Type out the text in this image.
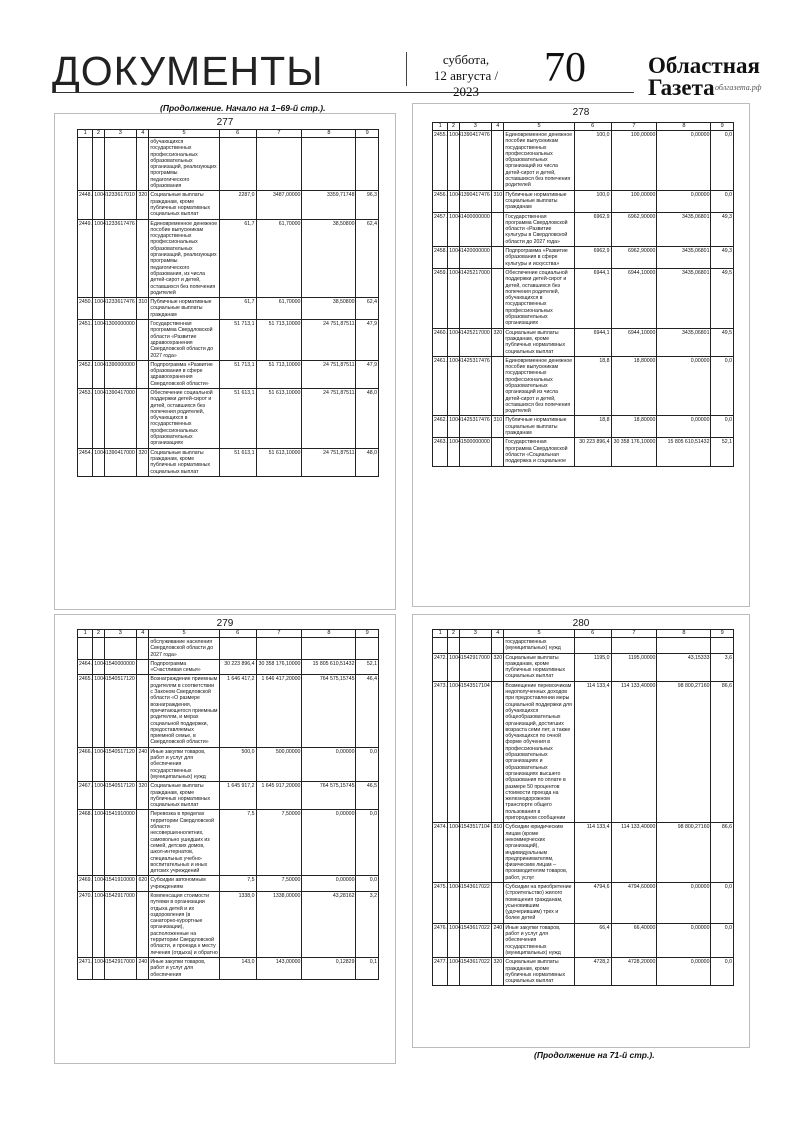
ДОКУМЕНТЫ	суббота,
12 августа / 2023
70	Областная
Газета облгазета.рф
(Продолжение. Начало на 1–69-й стр.).
277
1	2	3	4	5	6	7	8	9
				обучающихся государственных профессиональных образовательных организаций, реализующих программы педагогического образования				
2448.	1004	1233617010	320	Социальные выплаты гражданам, кроме публичных нормативных социальных выплат	2287,0	3487,00000	3359,71748	96,3
2449.	1004	1233617476		Единовременное денежное пособие выпускникам государственных профессиональных образовательных организаций, реализующих программы педагогического образования, из числа детей-сирот и детей, оставшихся без попечения родителей	61,7	61,70000	38,50800	62,4
2450.	1004	1233617476	310	Публичные нормативные социальные выплаты гражданам	61,7	61,70000	38,50800	62,4
2451.	1004	1300000000		Государственная программа Свердловской области «Развитие здравоохранения Свердловской области до 2027 года»	51 713,1	51 713,10000	24 751,87511	47,9
2452.	1004	1390000000		Подпрограмма «Развитие образования в сфере здравоохранения Свердловской области»	51 713,1	51 713,10000	24 751,87511	47,9
2453.	1004	1390417000		Обеспечение социальной поддержки детей-сирот и детей, оставшихся без попечения родителей, обучающихся в государственных профессиональных образовательных организациях	51 613,1	51 613,10000	24 751,87511	48,0
2454.	1004	1390417000	320	Социальные выплаты гражданам, кроме публичных нормативных социальных выплат	51 613,1	51 613,10000	24 751,87511	48,0
278
1	2	3	4	5	6	7	8	9
2455.	1004	1390417476		Единовременное денежное пособие выпускникам государственных профессиональных образовательных организаций из числа детей-сирот и детей, оставшихся без попечения родителей	100,0	100,00000	0,00000	0,0
2456.	1004	1390417476	310	Публичные нормативные социальные выплаты гражданам	100,0	100,00000	0,00000	0,0
2457.	1004	1400000000		Государственная программа Свердловской области «Развитие культуры в Свердловской области до 2027 года»	6962,9	6962,90000	3435,06801	49,3
2458.	1004	1420000000		Подпрограмма «Развитие образования в сфере культуры и искусства»	6962,9	6962,90000	3435,06801	49,3
2459.	1004	1425217000		Обеспечение социальной поддержки детей-сирот и детей, оставшихся без попечения родителей, обучающихся в государственных профессиональных образовательных организациях	6944,1	6944,10000	3435,06801	49,5
2460.	1004	1425217000	320	Социальные выплаты гражданам, кроме публичных нормативных социальных выплат	6944,1	6944,10000	3435,06801	49,5
2461.	1004	1425317476		Единовременное денежное пособие выпускникам государственных профессиональных образовательных организаций из числа детей-сирот и детей, оставшихся без попечения родителей	18,8	18,80000	0,00000	0,0
2462.	1004	1425317476	310	Публичные нормативные социальные выплаты гражданам	18,8	18,80000	0,00000	0,0
2463.	1004	1500000000		Государственная программа Свердловской области «Социальная поддержка и социальное	30 223 896,4	30 358 176,10000	15 805 610,51432	52,1
279
1	2	3	4	5	6	7	8	9
				обслуживание населения Свердловской области до 2027 года»				
2464.	1004	1540000000		Подпрограмма «Счастливая семья»	30 223 896,4	30 358 176,10000	15 805 610,51432	52,1
2465.	1004	1540517120		Вознаграждение приемным родителям в соответствии с Законом Свердловской области «О размере вознаграждения, причитающегося приемным родителям, и мерах социальной поддержки, предоставляемых приемной семье, в Свердловской области»	1 646 417,2	1 646 417,20000	764 575,15745	46,4
2466.	1004	1540517120	240	Иные закупки товаров, работ и услуг для обеспечения государственных (муниципальных) нужд	500,0	500,00000	0,00000	0,0
2467.	1004	1540517120	320	Социальные выплаты гражданам, кроме публичных нормативных социальных выплат	1 645 917,2	1 645 917,20000	764 575,15745	46,5
2468.	1004	1541910000		Перевозка в пределах территории Свердловской области несовершеннолетних, самовольно ушедших из семей, детских домов, школ-интернатов, специальных учебно-воспитательных и иных детских учреждений	7,5	7,50000	0,00000	0,0
2469.	1004	1541910000	620	Субсидии автономным учреждениям	7,5	7,50000	0,00000	0,0
2470.	1004	1542917000		Компенсация стоимости путевки в организации отдыха детей и их оздоровления (в санаторно-курортные организации), расположенные на территории Свердловской области, и проезда к месту лечения (отдыха) и обратно	1338,0	1338,00000	43,28162	3,2
2471.	1004	1542917000	240	Иные закупки товаров, работ и услуг для обеспечения	143,0	143,00000	0,12829	0,1
280
1	2	3	4	5	6	7	8	9
				государственных (муниципальных) нужд				
2472.	1004	1542917000	320	Социальные выплаты гражданам, кроме публичных нормативных социальных выплат	1195,0	1195,00000	43,15333	3,6
2473.	1004	1543517104		Возмещение перевозчикам недополученных доходов при предоставлении меры социальной поддержки для обучающихся общеобразовательных организаций, достигших возраста семи лет, а также обучающихся по очной форме обучения в профессиональных образовательных организациях и образовательных организациях высшего образования по оплате в размере 50 процентов стоимости проезда на железнодорожном транспорте общего пользования в пригородном сообщении	114 133,4	114 133,40000	98 800,27160	86,6
2474.	1004	1543517104	810	Субсидии юридическим лицам (кроме некоммерческих организаций), индивидуальным предпринимателям, физическим лицам – производителям товаров, работ, услуг	114 133,4	114 133,40000	98 800,27160	86,6
2475.	1004	1543617022		Субсидии на приобретение (строительство) жилого помещения гражданам, усыновившим (удочерившим) трех и более детей	4794,6	4794,60000	0,00000	0,0
2476.	1004	1543617022	240	Иные закупки товаров, работ и услуг для обеспечения государственных (муниципальных) нужд	66,4	66,40000	0,00000	0,0
2477.	1004	1543617022	320	Социальные выплаты гражданам, кроме публичных нормативных социальных выплат	4728,2	4728,20000	0,00000	0,0
(Продолжение на 71-й стр.).
